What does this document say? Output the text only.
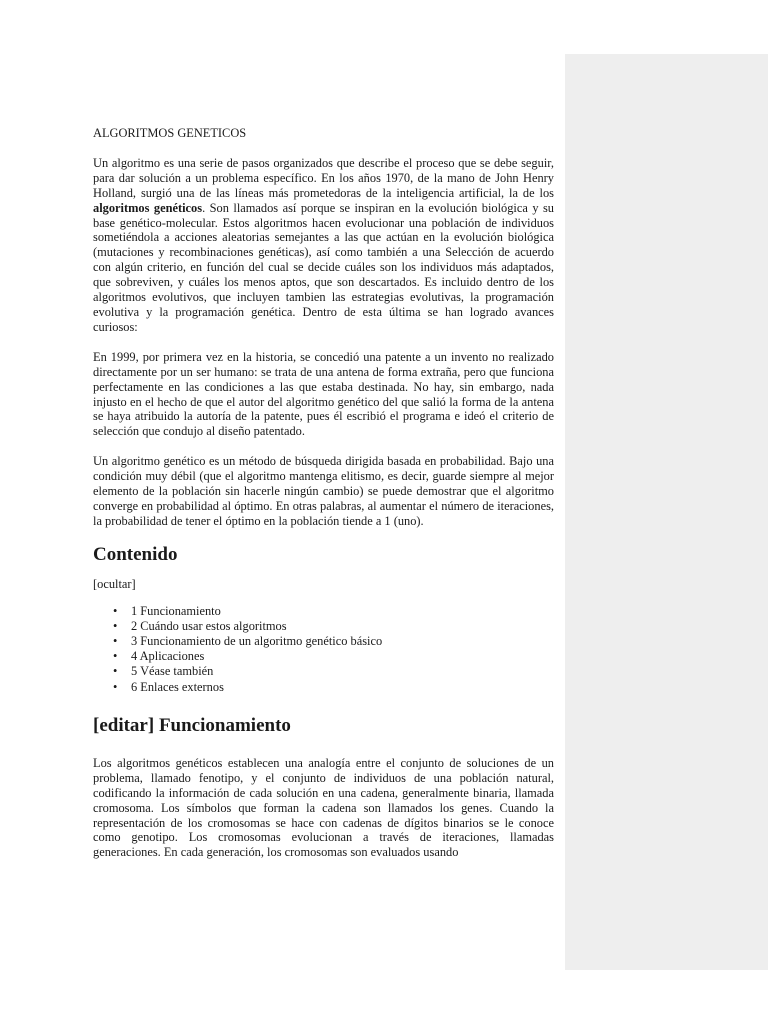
ALGORITMOS GENETICOS

Un algoritmo es una serie de pasos organizados que describe el proceso que se debe seguir, para dar solución a un problema específico. En los años 1970, de la mano de John Henry Holland, surgió una de las líneas más prometedoras de la inteligencia artificial, la de los algoritmos genéticos. Son llamados así porque se inspiran en la evolución biológica y su base genético-molecular. Estos algoritmos hacen evolucionar una población de individuos sometiéndola a acciones aleatorias semejantes a las que actúan en la evolución biológica (mutaciones y recombinaciones genéticas), así como también a una Selección de acuerdo con algún criterio, en función del cual se decide cuáles son los individuos más adaptados, que sobreviven, y cuáles los menos aptos, que son descartados. Es incluido dentro de los algoritmos evolutivos, que incluyen tambien las estrategias evolutivas, la programación evolutiva y la programación genética. Dentro de esta última se han logrado avances curiosos:

En 1999, por primera vez en la historia, se concedió una patente a un invento no realizado directamente por un ser humano: se trata de una antena de forma extraña, pero que funciona perfectamente en las condiciones a las que estaba destinada. No hay, sin embargo, nada injusto en el hecho de que el autor del algoritmo genético del que salió la forma de la antena se haya atribuido la autoría de la patente, pues él escribió el programa e ideó el criterio de selección que condujo al diseño patentado.

Un algoritmo genético es un método de búsqueda dirigida basada en probabilidad. Bajo una condición muy débil (que el algoritmo mantenga elitismo, es decir, guarde siempre al mejor elemento de la población sin hacerle ningún cambio) se puede demostrar que el algoritmo converge en probabilidad al óptimo. En otras palabras, al aumentar el número de iteraciones, la probabilidad de tener el óptimo en la población tiende a 1 (uno).

Contenido
[ocultar]
• 1 Funcionamiento
• 2 Cuándo usar estos algoritmos
• 3 Funcionamiento de un algoritmo genético básico
• 4 Aplicaciones
• 5 Véase también
• 6 Enlaces externos
[editar] Funcionamiento

Los algoritmos genéticos establecen una analogía entre el conjunto de soluciones de un problema, llamado fenotipo, y el conjunto de individuos de una población natural, codificando la información de cada solución en una cadena, generalmente binaria, llamada cromosoma. Los símbolos que forman la cadena son llamados los genes. Cuando la representación de los cromosomas se hace con cadenas de dígitos binarios se le conoce como genotipo. Los cromosomas evolucionan a través de iteraciones, llamadas generaciones. En cada generación, los cromosomas son evaluados usando
